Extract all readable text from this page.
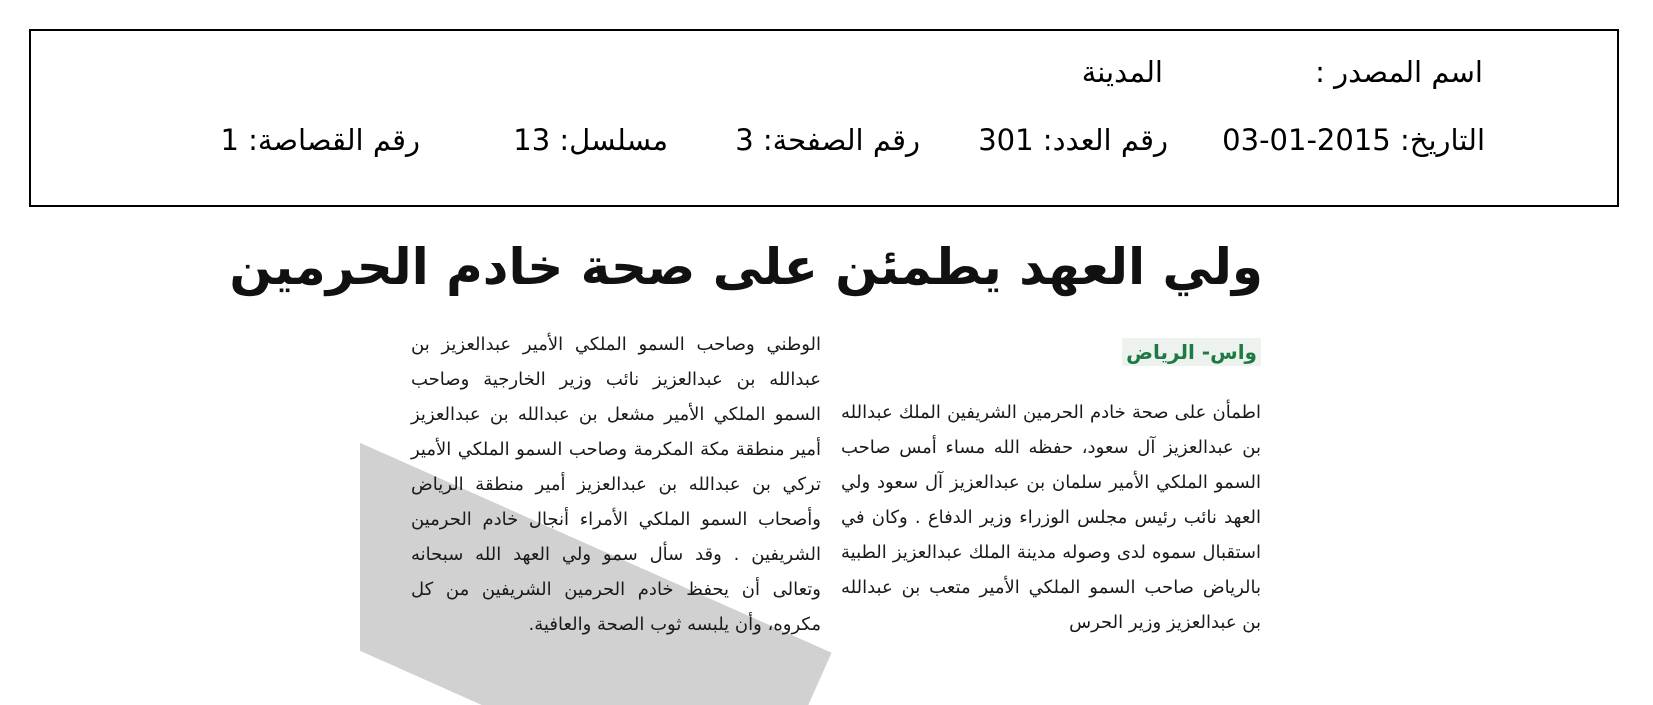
اسم المصدر :
المدينة
التاريخ: 2015-01-03
رقم العدد: 301
رقم الصفحة: 3
مسلسل: 13
رقم القصاصة: 1
ولي العهد يطمئن على صحة خادم الحرمين
واس- الرياض

اطمأن على صحة خادم الحرمين الشريفين الملك عبدالله بن عبدالعزيز آل سعود، حفظه الله مساء أمس صاحب السمو الملكي الأمير سلمان بن عبدالعزيز آل سعود ولي العهد نائب رئيس مجلس الوزراء وزير الدفاع . وكان في استقبال سموه لدى وصوله مدينة الملك عبدالعزيز الطبية بالرياض صاحب السمو الملكي الأمير متعب بن عبدالله بن عبدالعزيز وزير الحرس

الوطني وصاحب السمو الملكي الأمير عبدالعزيز بن عبدالله بن عبدالعزيز نائب وزير الخارجية وصاحب السمو الملكي الأمير مشعل بن عبدالله بن عبدالعزيز أمير منطقة مكة المكرمة وصاحب السمو الملكي الأمير تركي بن عبدالله بن عبدالعزيز أمير منطقة الرياض وأصحاب السمو الملكي الأمراء أنجال خادم الحرمين الشريفين . وقد سأل سمو ولي العهد الله سبحانه وتعالى أن يحفظ خادم الحرمين الشريفين من كل مكروه، وأن يلبسه ثوب الصحة والعافية.
